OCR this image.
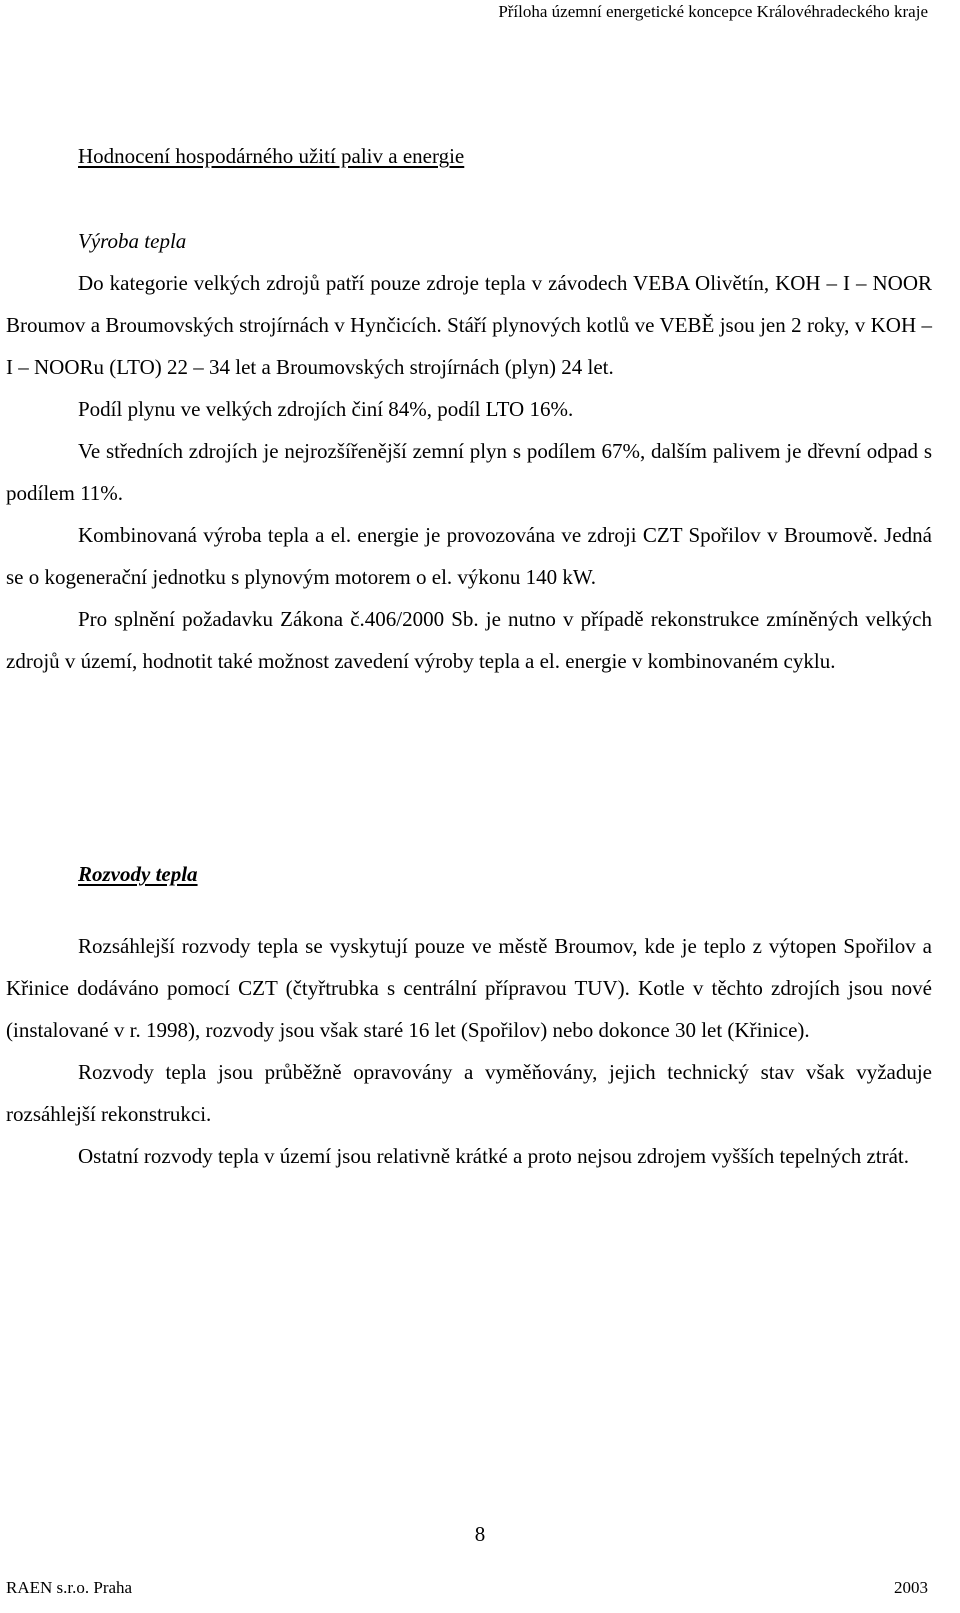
Příloha územní energetické koncepce Královéhradeckého kraje
Hodnocení hospodárného užití paliv a energie
Výroba tepla

Do kategorie velkých zdrojů patří pouze zdroje tepla v závodech VEBA Olivětín, KOH – I – NOOR Broumov a Broumovských strojírnách v Hynčicích. Stáří plynových kotlů ve VEBĚ jsou jen 2 roky, v KOH – I – NOORu (LTO) 22 – 34 let a Broumovských strojírnách (plyn) 24 let.

Podíl plynu ve velkých zdrojích činí 84%, podíl LTO 16%.

Ve středních zdrojích je nejrozšířenější zemní plyn s podílem 67%, dalším palivem je dřevní odpad s podílem 11%.

Kombinovaná výroba tepla a el. energie je provozována ve zdroji CZT Spořilov v Broumově. Jedná se o kogenerační jednotku s plynovým motorem o el. výkonu 140 kW.

Pro splnění požadavku Zákona č.406/2000 Sb. je nutno v případě rekonstrukce zmíněných velkých zdrojů v území, hodnotit také možnost zavedení výroby tepla a el. energie v kombinovaném cyklu.

Rozvody tepla

Rozsáhlejší rozvody tepla se vyskytují pouze ve městě Broumov, kde je teplo z výtopen Spořilov a Křinice dodáváno pomocí CZT (čtyřtrubka s centrální přípravou TUV). Kotle v těchto zdrojích jsou nové (instalované v r. 1998), rozvody jsou však staré 16 let (Spořilov) nebo dokonce 30 let (Křinice).

Rozvody tepla jsou průběžně opravovány a vyměňovány, jejich technický stav však vyžaduje rozsáhlejší rekonstrukci.

Ostatní rozvody tepla v území jsou relativně krátké a proto nejsou zdrojem vyšších tepelných ztrát.

8
RAEN s.r.o. Praha	2003
